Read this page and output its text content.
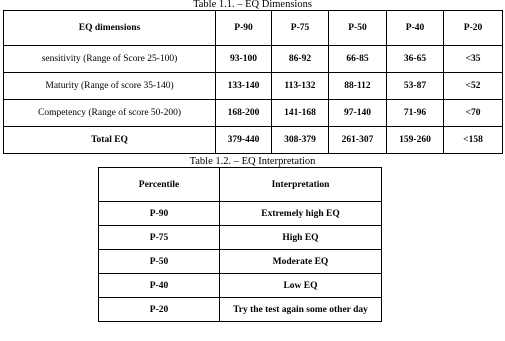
Table 1.1. – EQ Dimensions
EQ dimensions	P-90	P-75	P-50	P-40	P-20
sensitivity (Range of Score 25-100)	93-100	86-92	66-85	36-65	<35
Maturity (Range of score 35-140)	133-140	113-132	88-112	53-87	<52
Competency (Range of score 50-200)	168-200	141-168	97-140	71-96	<70
Total EQ	379-440	308-379	261-307	159-260	<158
Table 1.2. – EQ Interpretation
Percentile	Interpretation
P-90	Extremely high EQ
P-75	High EQ
P-50	Moderate EQ
P-40	Low EQ
P-20	Try the test again some other day
